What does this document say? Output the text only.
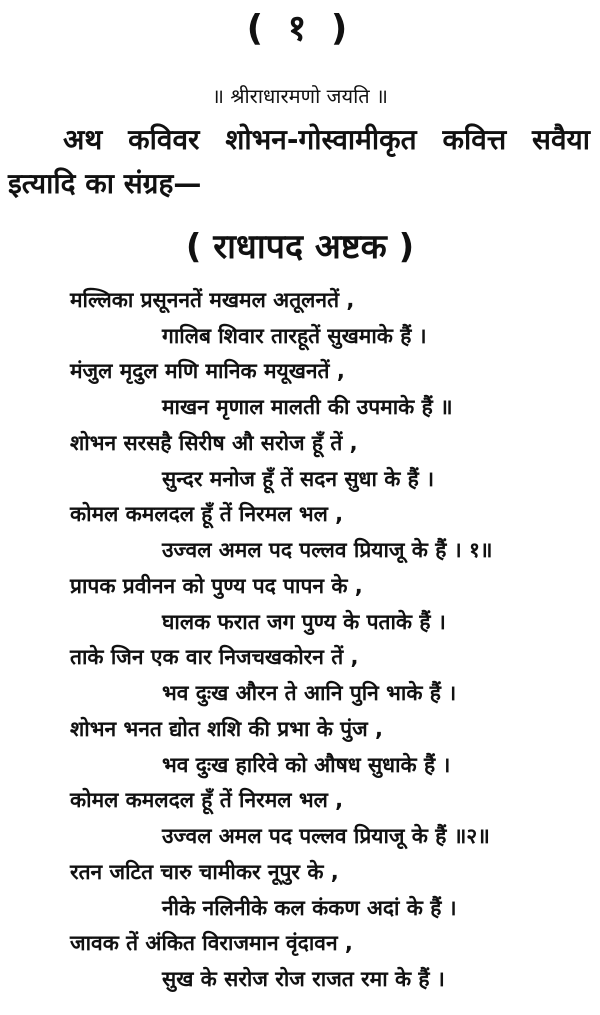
( १ )
॥ श्रीराधारमणो जयति ॥
अथ कविवर शोभन-गोस्वामीकृत कवित्त सवैया इत्यादि का संग्रह—
( राधापद अष्टक )
मल्लिका प्रसूननतें मखमल अतूलनतें ,
गालिब शिवार तारहूतें सुखमाके हैं ।
मंजुल मृदुल मणि मानिक मयूखनतें ,
माखन मृणाल मालती की उपमाके हैं ॥
शोभन सरसहै सिरीष औ सरोज हूँ तें ,
सुन्दर मनोज हूँ तें सदन सुधा के हैं ।
कोमल कमलदल हूँ तें निरमल भल ,
उज्वल अमल पद पल्लव प्रियाजू के हैं । १॥
प्रापक प्रवीनन को पुण्य पद पापन के ,
घालक फरात जग पुण्य के पताके हैं ।
ताके जिन एक वार निजचखकोरन तें ,
भव दुःख औरन ते आनि पुनि भाके हैं ।
शोभन भनत द्योत शशि की प्रभा के पुंज ,
भव दुःख हारिवे को औषध सुधाके हैं ।
कोमल कमलदल हूँ तें निरमल भल ,
उज्वल अमल पद पल्लव प्रियाजू के हैं ॥२॥
रतन जटित चारु चामीकर नूपुर के ,
नीके नलिनीके कल कंकण अदां के हैं ।
जावक तें अंकित विराजमान वृंदावन ,
सुख के सरोज रोज राजत रमा के हैं ।
